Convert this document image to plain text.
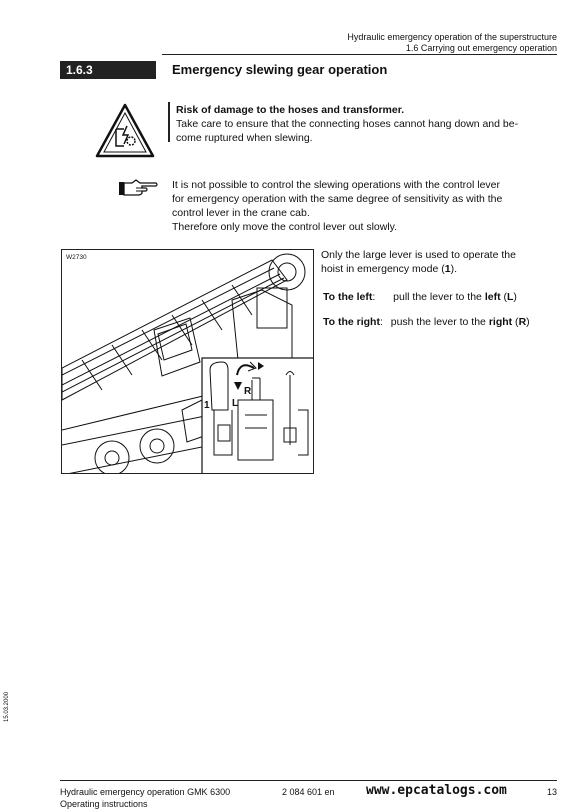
Hydraulic emergency operation of the superstructure
1.6 Carrying out emergency operation
1.6.3	Emergency slewing gear operation
Risk of damage to the hoses and transformer.
Take care to ensure that the connecting hoses cannot hang down and be-
come ruptured when slewing.
It is not possible to control the slewing operations with the control lever
for emergency operation with the same degree of sensitivity as with the
control lever in the crane cab.
Therefore only move the control lever out slowly.
W2730
1 L
R
Only the large lever is used to operate the
hoist in emergency mode (1).
To the left: pull the lever to the left (L)
To the right: push the lever to the right (R)
15.03.2000
Hydraulic emergency operation GMK 6300
Operating instructions
2 084 601 en www.epcatalogs.com	13
